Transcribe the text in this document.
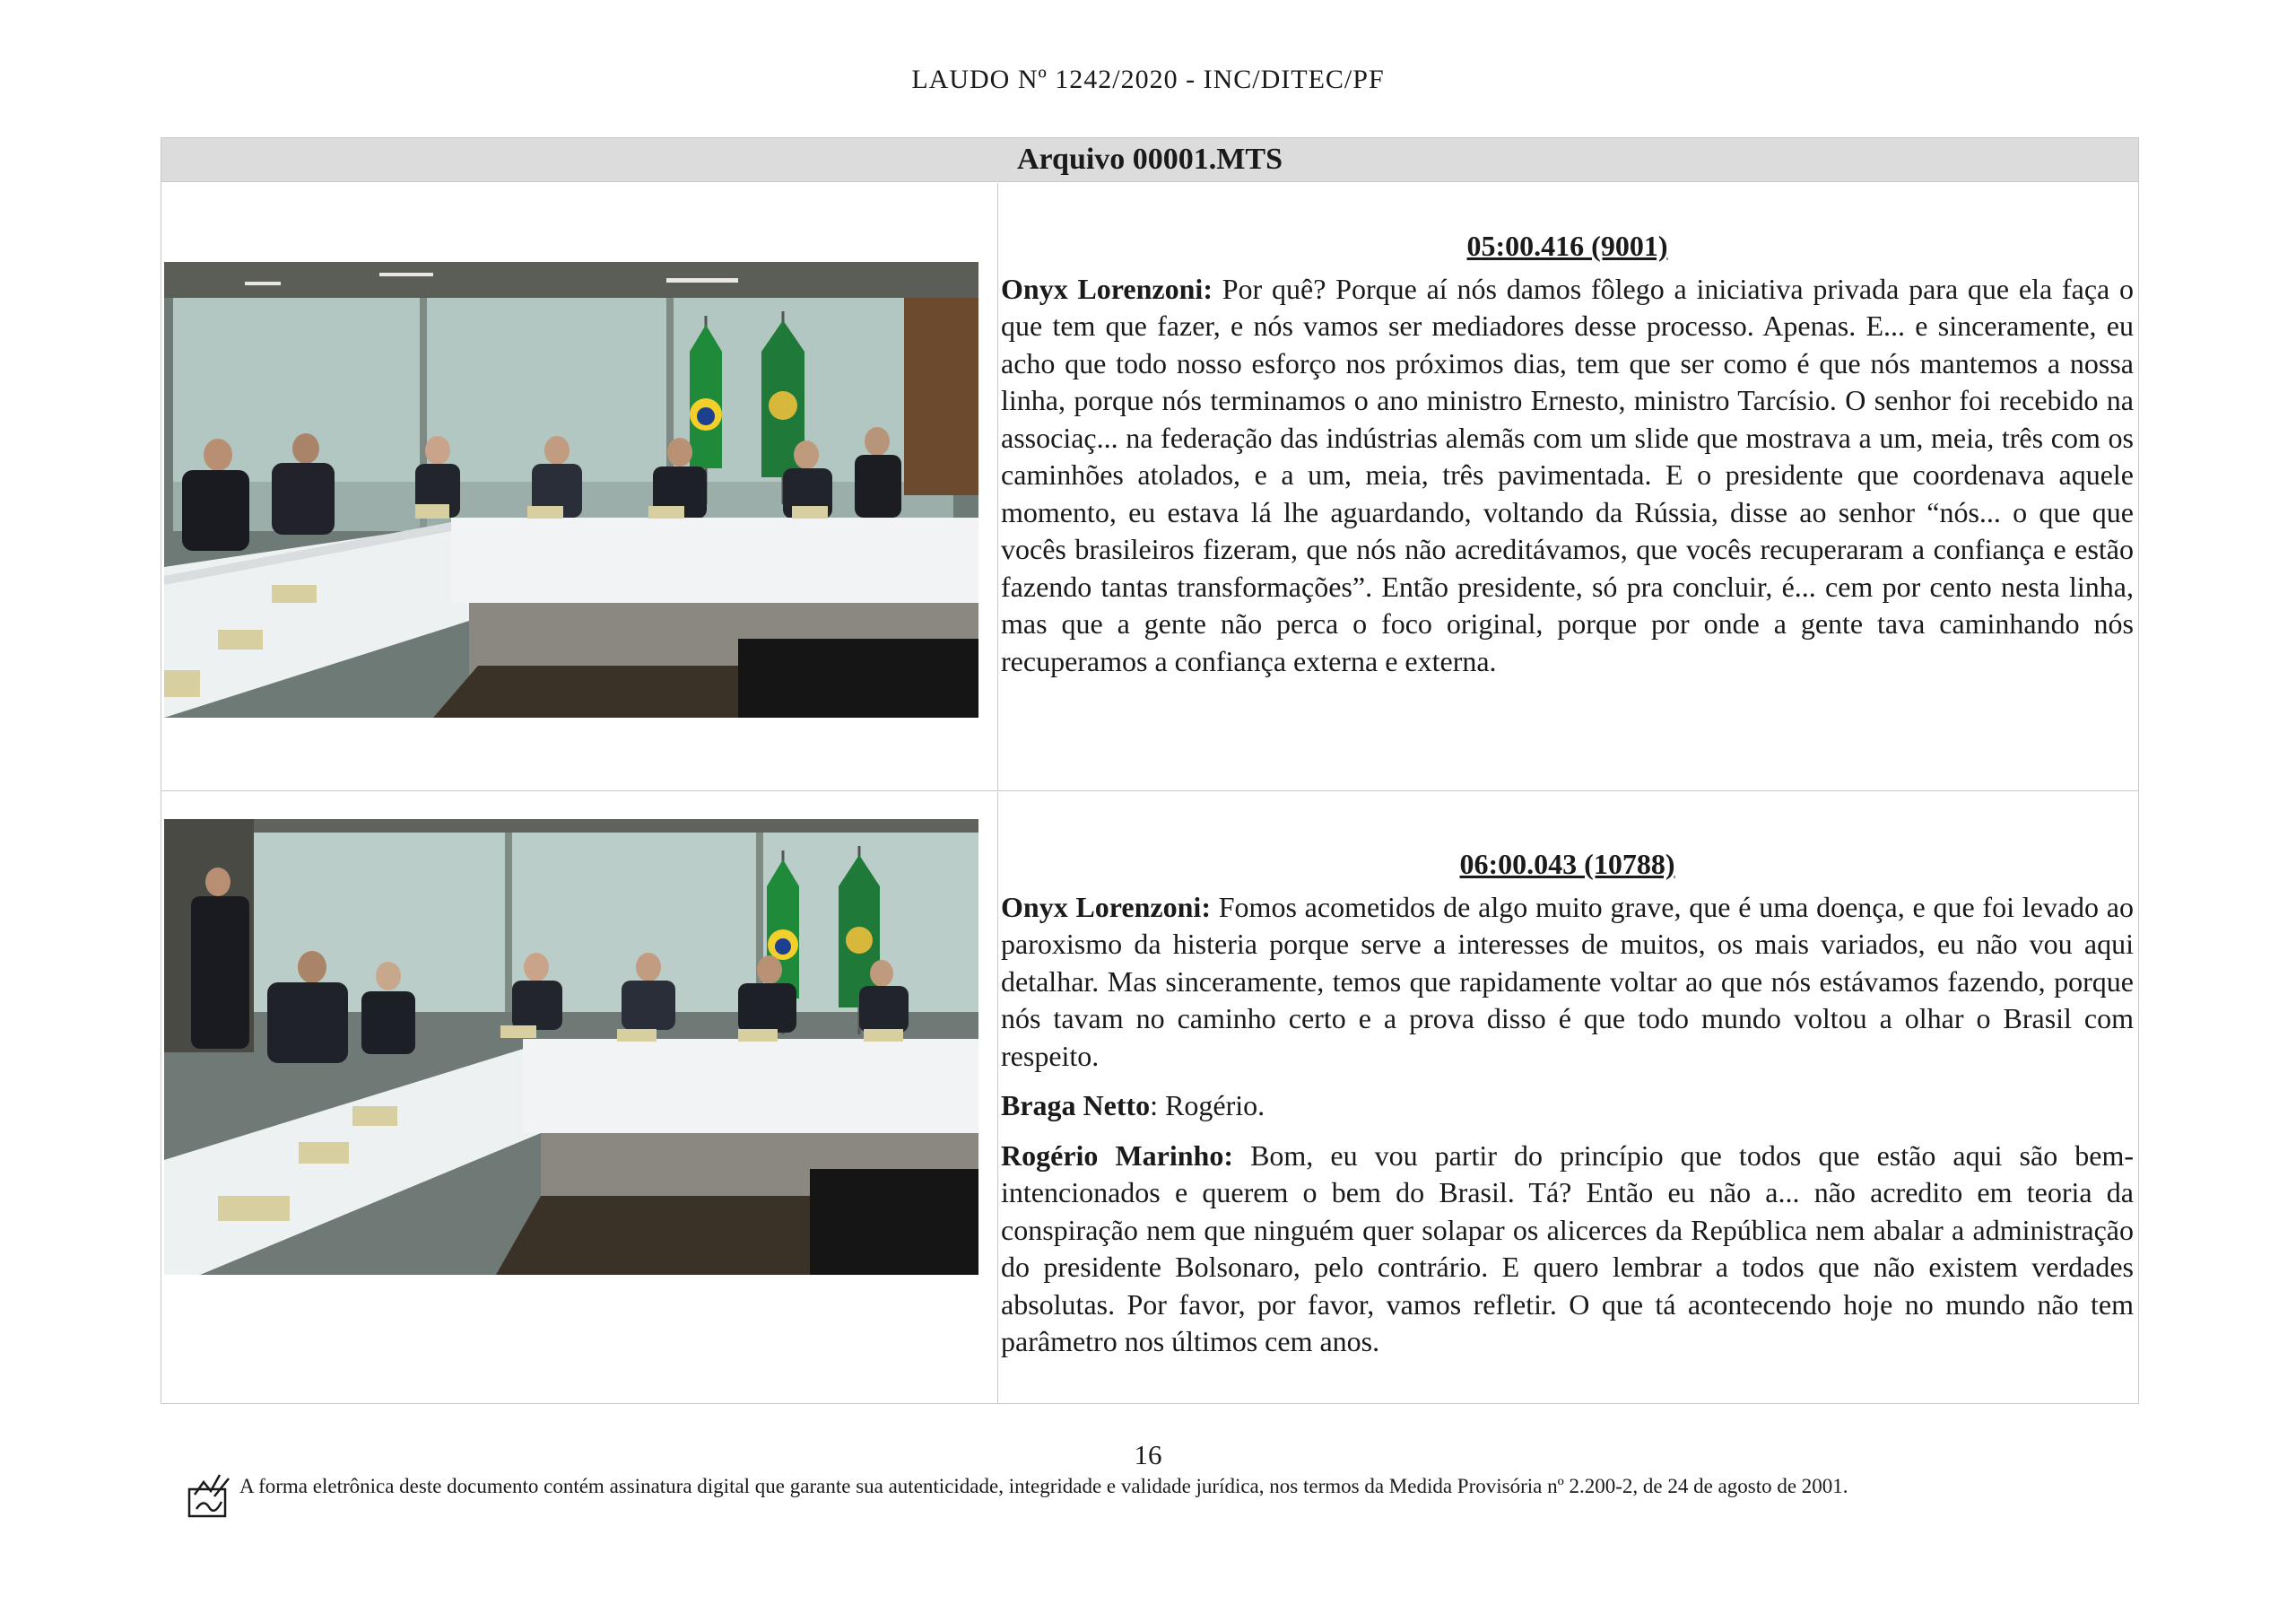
LAUDO Nº 1242/2020 - INC/DITEC/PF
Arquivo 00001.MTS
05:00.416 (9001)

Onyx Lorenzoni: Por quê? Porque aí nós damos fôlego a iniciativa privada para que ela faça o que tem que fazer, e nós vamos ser mediadores desse processo. Apenas. E... e sinceramente, eu acho que todo nosso esforço nos próximos dias, tem que ser como é que nós mantemos a nossa linha, porque nós terminamos o ano ministro Ernesto, ministro Tarcísio. O senhor foi recebido na associaç... na federação das indústrias alemãs com um slide que mostrava a um, meia, três com os caminhões atolados, e a um, meia, três pavimentada. E o presidente que coordenava aquele momento, eu estava lá lhe aguardando, voltando da Rússia, disse ao senhor “nós... o que que vocês brasileiros fizeram, que nós não acreditávamos, que vocês recuperaram a confiança e estão fazendo tantas transformações”. Então presidente, só pra concluir, é... cem por cento nesta linha, mas que a gente não perca o foco original, porque por onde a gente tava caminhando nós recuperamos a confiança externa e externa.

06:00.043 (10788)

Onyx Lorenzoni: Fomos acometidos de algo muito grave, que é uma doença, e que foi levado ao paroxismo da histeria porque serve a interesses de muitos, os mais variados, eu não vou aqui detalhar. Mas sinceramente, temos que rapidamente voltar ao que nós estávamos fazendo, porque nós tavam no caminho certo e a prova disso é que todo mundo voltou a olhar o Brasil com respeito.

Braga Netto: Rogério.

Rogério Marinho: Bom, eu vou partir do princípio que todos que estão aqui são bem-intencionados e querem o bem do Brasil. Tá? Então eu não a... não acredito em teoria da conspiração nem que ninguém quer solapar os alicerces da República nem abalar a administração do presidente Bolsonaro, pelo contrário. E quero lembrar a todos que não existem verdades absolutas. Por favor, por favor, vamos refletir. O que tá acontecendo hoje no mundo não tem parâmetro nos últimos cem anos.

16
A forma eletrônica deste documento contém assinatura digital que garante sua autenticidade, integridade e validade jurídica, nos termos da Medida Provisória nº 2.200-2, de 24 de agosto de 2001.
